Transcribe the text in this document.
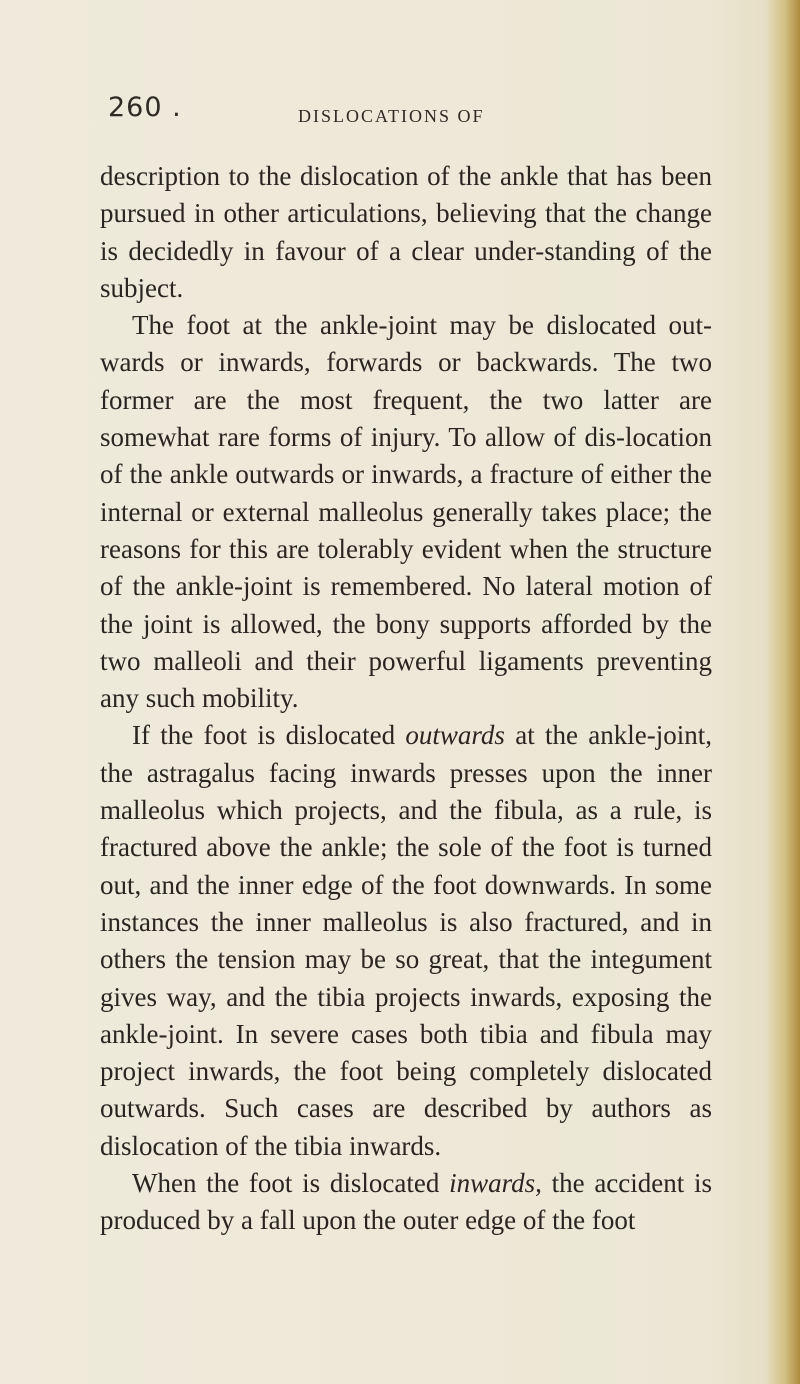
260 .	DISLOCATIONS OF

description to the dislocation of the ankle that has been pursued in other articulations, believing that the change is decidedly in favour of a clear under-standing of the subject.

The foot at the ankle-joint may be dislocated out-wards or inwards, forwards or backwards. The two former are the most frequent, the two latter are somewhat rare forms of injury. To allow of dis-location of the ankle outwards or inwards, a fracture of either the internal or external malleolus generally takes place; the reasons for this are tolerably evident when the structure of the ankle-joint is remembered. No lateral motion of the joint is allowed, the bony supports afforded by the two malleoli and their powerful ligaments preventing any such mobility.

If the foot is dislocated outwards at the ankle-joint, the astragalus facing inwards presses upon the inner malleolus which projects, and the fibula, as a rule, is fractured above the ankle; the sole of the foot is turned out, and the inner edge of the foot downwards. In some instances the inner malleolus is also fractured, and in others the tension may be so great, that the integument gives way, and the tibia projects inwards, exposing the ankle-joint. In severe cases both tibia and fibula may project inwards, the foot being completely dislocated outwards. Such cases are described by authors as dislocation of the tibia inwards.

When the foot is dislocated inwards, the accident is produced by a fall upon the outer edge of the foot
